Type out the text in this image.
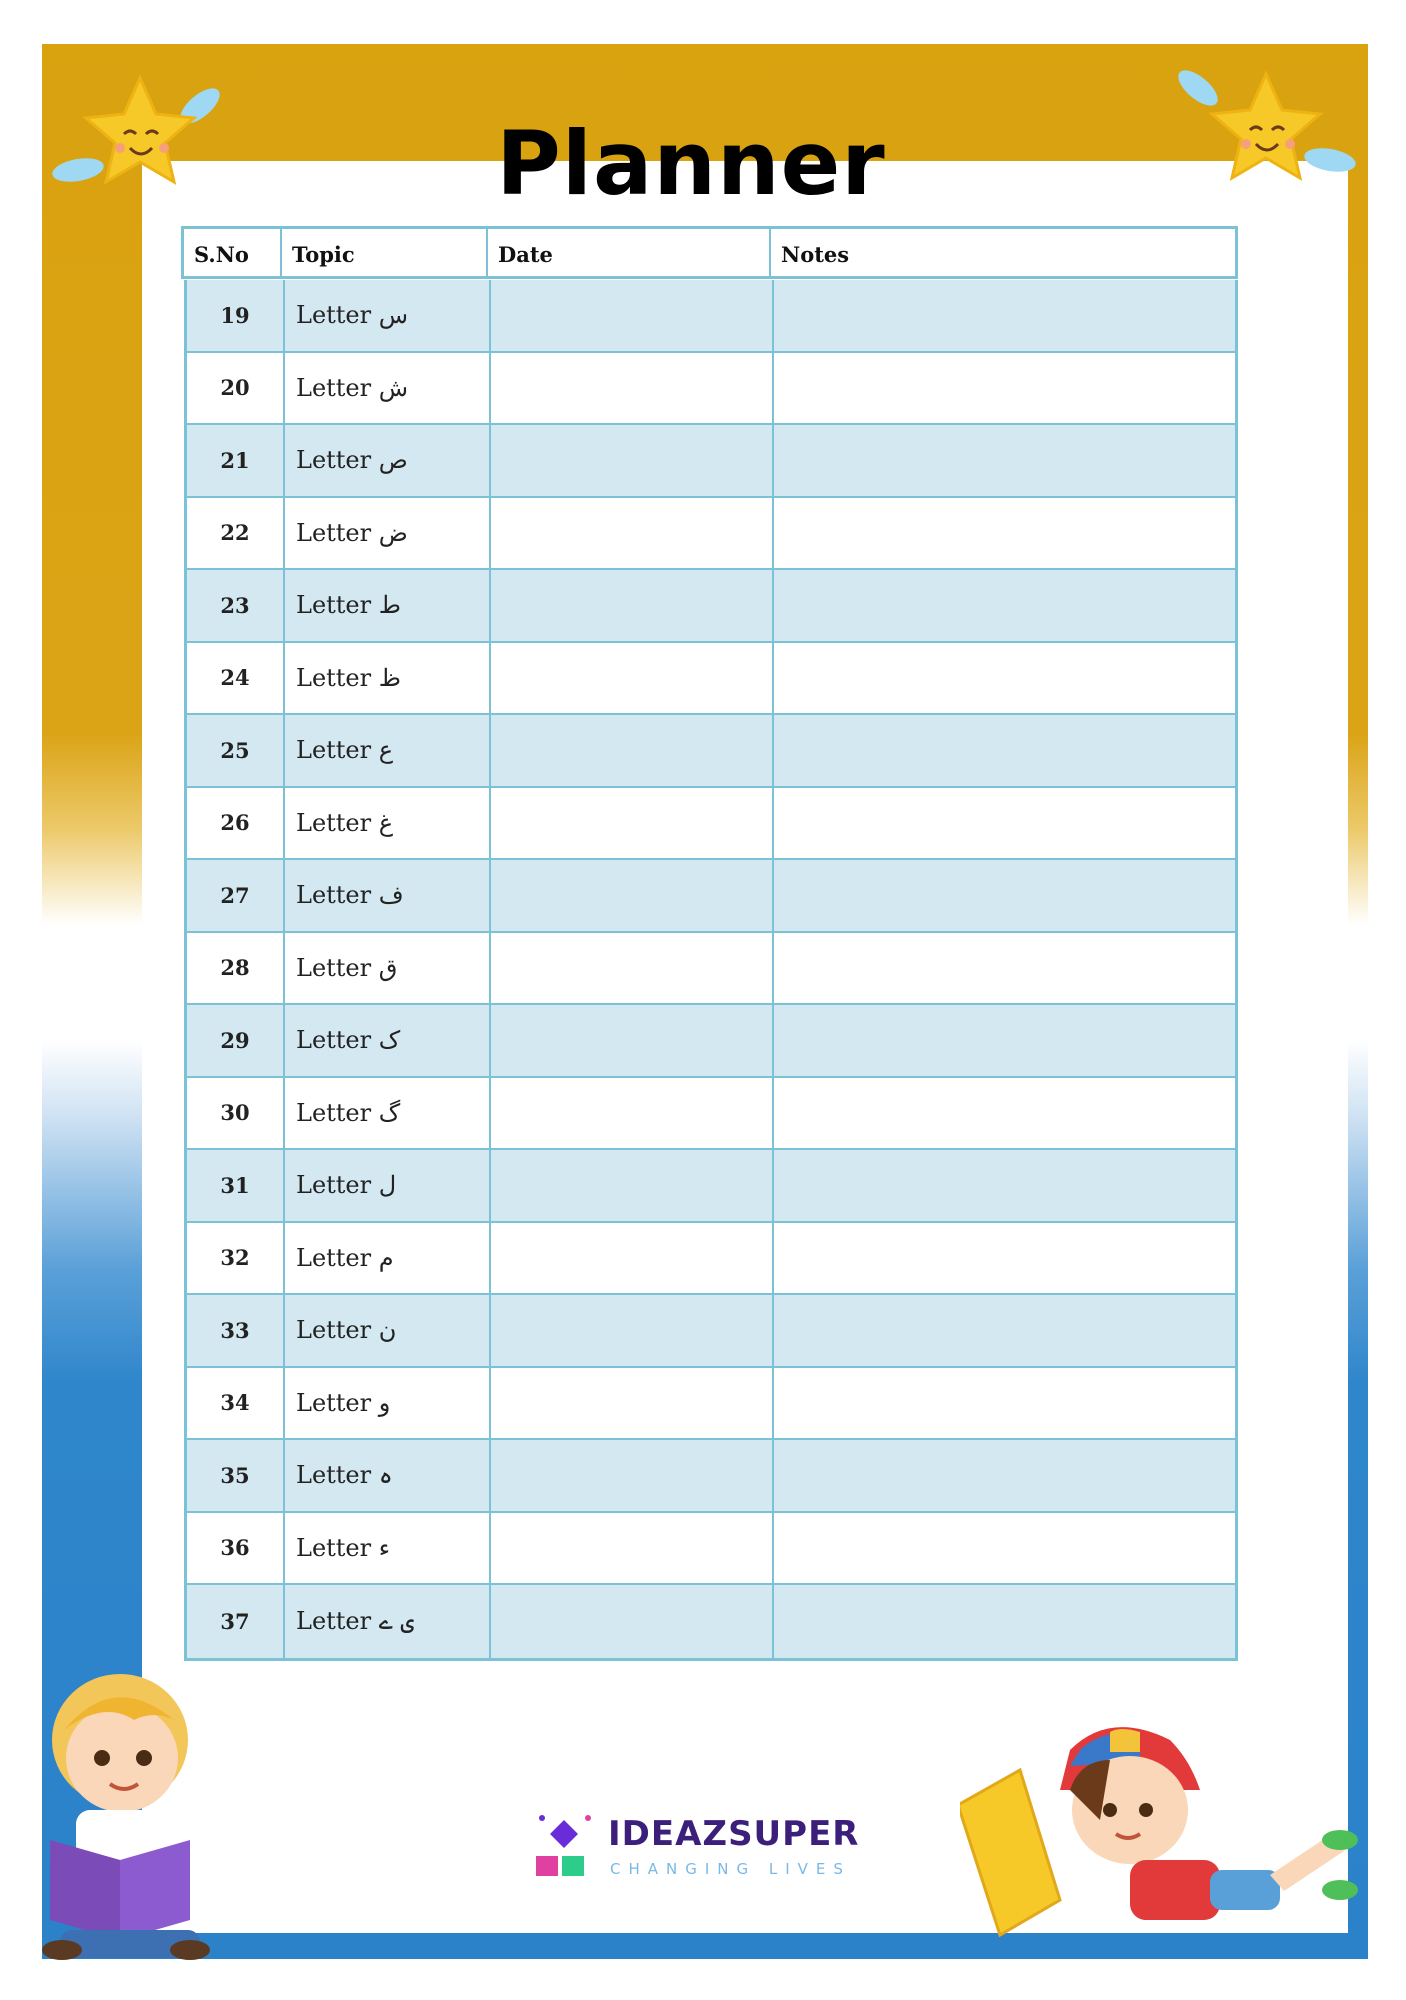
Planner
S.No	Topic	Date	Notes
19	Letter س
20	Letter ش
21	Letter ص
22	Letter ض
23	Letter ط
24	Letter ظ
25	Letter ع
26	Letter غ
27	Letter ف
28	Letter ق
29	Letter ک
30	Letter گ
31	Letter ل
32	Letter م
33	Letter ن
34	Letter و
35	Letter ہ
36	Letter ء
37	Letter ی ے
IDEAZSUPER
CHANGING LIVES
